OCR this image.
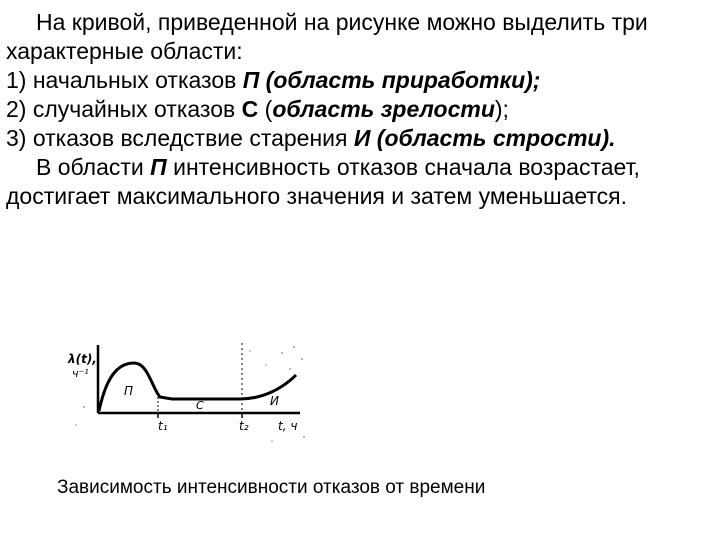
На кривой, приведенной на рисунке можно выделить три характерные области:
1) начальных отказов П (область приработки);
2) случайных отказов С (область зрелости);
3) отказов вследствие старения И (область стрости).

В области П интенсивность отказов сначала возрастает, достигает максимального значения и затем уменьшается.

λ(t),
ч⁻¹
П
С	И
t₁	t₂ t, ч
Зависимость интенсивности отказов от времени
